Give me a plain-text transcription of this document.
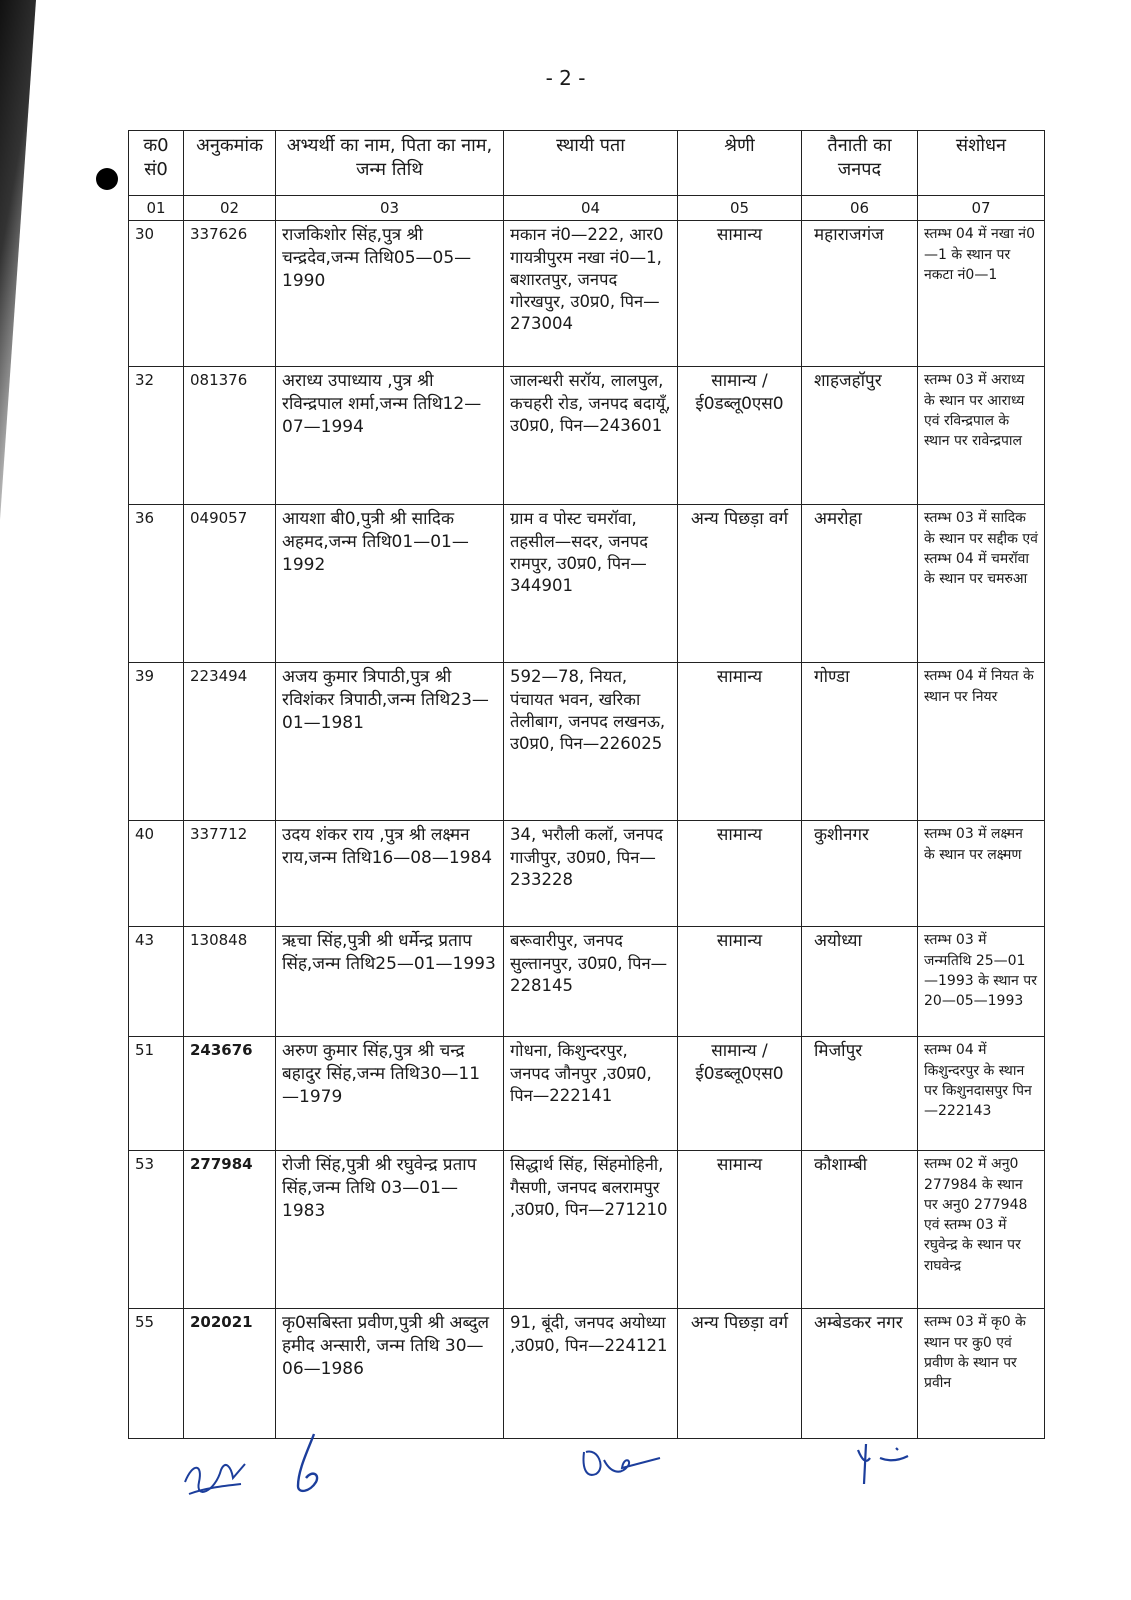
- 2 -
क0 सं0	अनुकमांक	अभ्यर्थी का नाम, पिता का नाम, जन्म तिथि	स्थायी पता	श्रेणी	तैनाती का जनपद	संशोधन
01	02	03	04	05	06	07
30	337626	राजकिशोर सिंह,पुत्र श्री चन्द्रदेव,जन्म तिथि05—05—1990	मकान नं0—222, आर0 गायत्रीपुरम नखा नं0—1, बशारतपुर, जनपद गोरखपुर, उ0प्र0, पिन—273004	सामान्य	महाराजगंज	स्तम्भ 04 में नखा नं0—1 के स्थान पर नकटा नं0—1
32	081376	अराध्य उपाध्याय ,पुत्र श्री रविन्द्रपाल शर्मा,जन्म तिथि12—07—1994	जालन्धरी सरॉय, लालपुल, कचहरी रोड, जनपद बदायूँ, उ0प्र0, पिन—243601	सामान्य / ई0डब्लू0एस0	शाहजहॉपुर	स्तम्भ 03 में अराध्य के स्थान पर आराध्य एवं रविन्द्रपाल के स्थान पर रावेन्द्रपाल
36	049057	आयशा बी0,पुत्री श्री सादिक अहमद,जन्म तिथि01—01—1992	ग्राम व पोस्ट चमरॉवा, तहसील—सदर, जनपद रामपुर, उ0प्र0, पिन—344901	अन्य पिछड़ा वर्ग	अमरोहा	स्तम्भ 03 में सादिक के स्थान पर सद्दीक एवं स्तम्भ 04 में चमरॉवा के स्थान पर चमरुआ
39	223494	अजय कुमार त्रिपाठी,पुत्र श्री रविशंकर त्रिपाठी,जन्म तिथि23—01—1981	592—78, नियत, पंचायत भवन, खरिका तेलीबाग, जनपद लखनऊ, उ0प्र0, पिन—226025	सामान्य	गोण्डा	स्तम्भ 04 में नियत के स्थान पर नियर
40	337712	उदय शंकर राय ,पुत्र श्री लक्ष्मन राय,जन्म तिथि16—08—1984	34, भरौली कलॉ, जनपद गाजीपुर, उ0प्र0, पिन—233228	सामान्य	कुशीनगर	स्तम्भ 03 में लक्ष्मन के स्थान पर लक्ष्मण
43	130848	ऋचा सिंह,पुत्री श्री धर्मेन्द्र प्रताप सिंह,जन्म तिथि25—01—1993	बरूवारीपुर, जनपद सुल्तानपुर, उ0प्र0, पिन—228145	सामान्य	अयोध्या	स्तम्भ 03 में जन्मतिथि 25—01—1993 के स्थान पर 20—05—1993
51	243676	अरुण कुमार सिंह,पुत्र श्री चन्द्र बहादुर सिंह,जन्म तिथि30—11—1979	गोधना, किशुन्दरपुर, जनपद जौनपुर ,उ0प्र0, पिन—222141	सामान्य / ई0डब्लू0एस0	मिर्जापुर	स्तम्भ 04 में किशुन्दरपुर के स्थान पर किशुनदासपुर पिन—222143
53	277984	रोजी सिंह,पुत्री श्री रघुवेन्द्र प्रताप सिंह,जन्म तिथि 03—01—1983	सिद्धार्थ सिंह, सिंहमोहिनी, गैसणी, जनपद बलरामपुर ,उ0प्र0, पिन—271210	सामान्य	कौशाम्बी	स्तम्भ 02 में अनु0 277984 के स्थान पर अनु0 277948 एवं स्तम्भ 03 में रघुवेन्द्र के स्थान पर राघवेन्द्र
55	202021	कृ0सबिस्ता प्रवीण,पुत्री श्री अब्दुल हमीद अन्सारी, जन्म तिथि 30—06—1986	91, बूंदी, जनपद अयोध्या ,उ0प्र0, पिन—224121	अन्य पिछड़ा वर्ग	अम्बेडकर नगर	स्तम्भ 03 में कृ0 के स्थान पर कु0 एवं प्रवीण के स्थान पर प्रवीन
